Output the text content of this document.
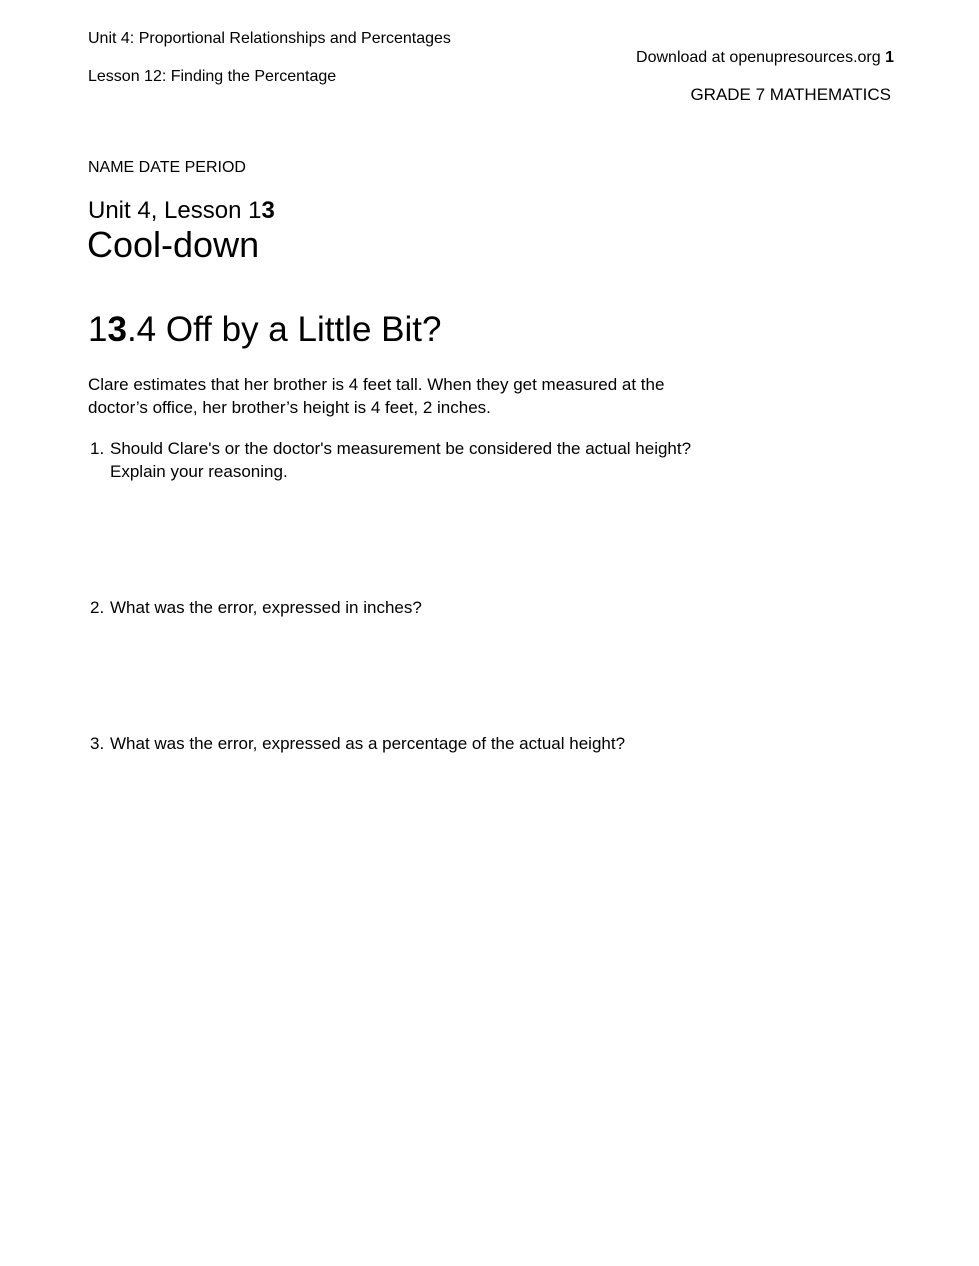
Unit 4: Proportional Relationships and Percentages
Lesson 12: Finding the Percentage
Download at openupresources.org 1
GRADE 7 MATHEMATICS
NAME DATE PERIOD
Unit 4, Lesson 13
Cool-down
13.4 Off by a Little Bit?
Clare estimates that her brother is 4 feet tall. When they get measured at the
doctor’s office, her brother’s height is 4 feet, 2 inches.
1. Should Clare's or the doctor's measurement be considered the actual height?
Explain your reasoning.
2. What was the error, expressed in inches?
3. What was the error, expressed as a percentage of the actual height?
